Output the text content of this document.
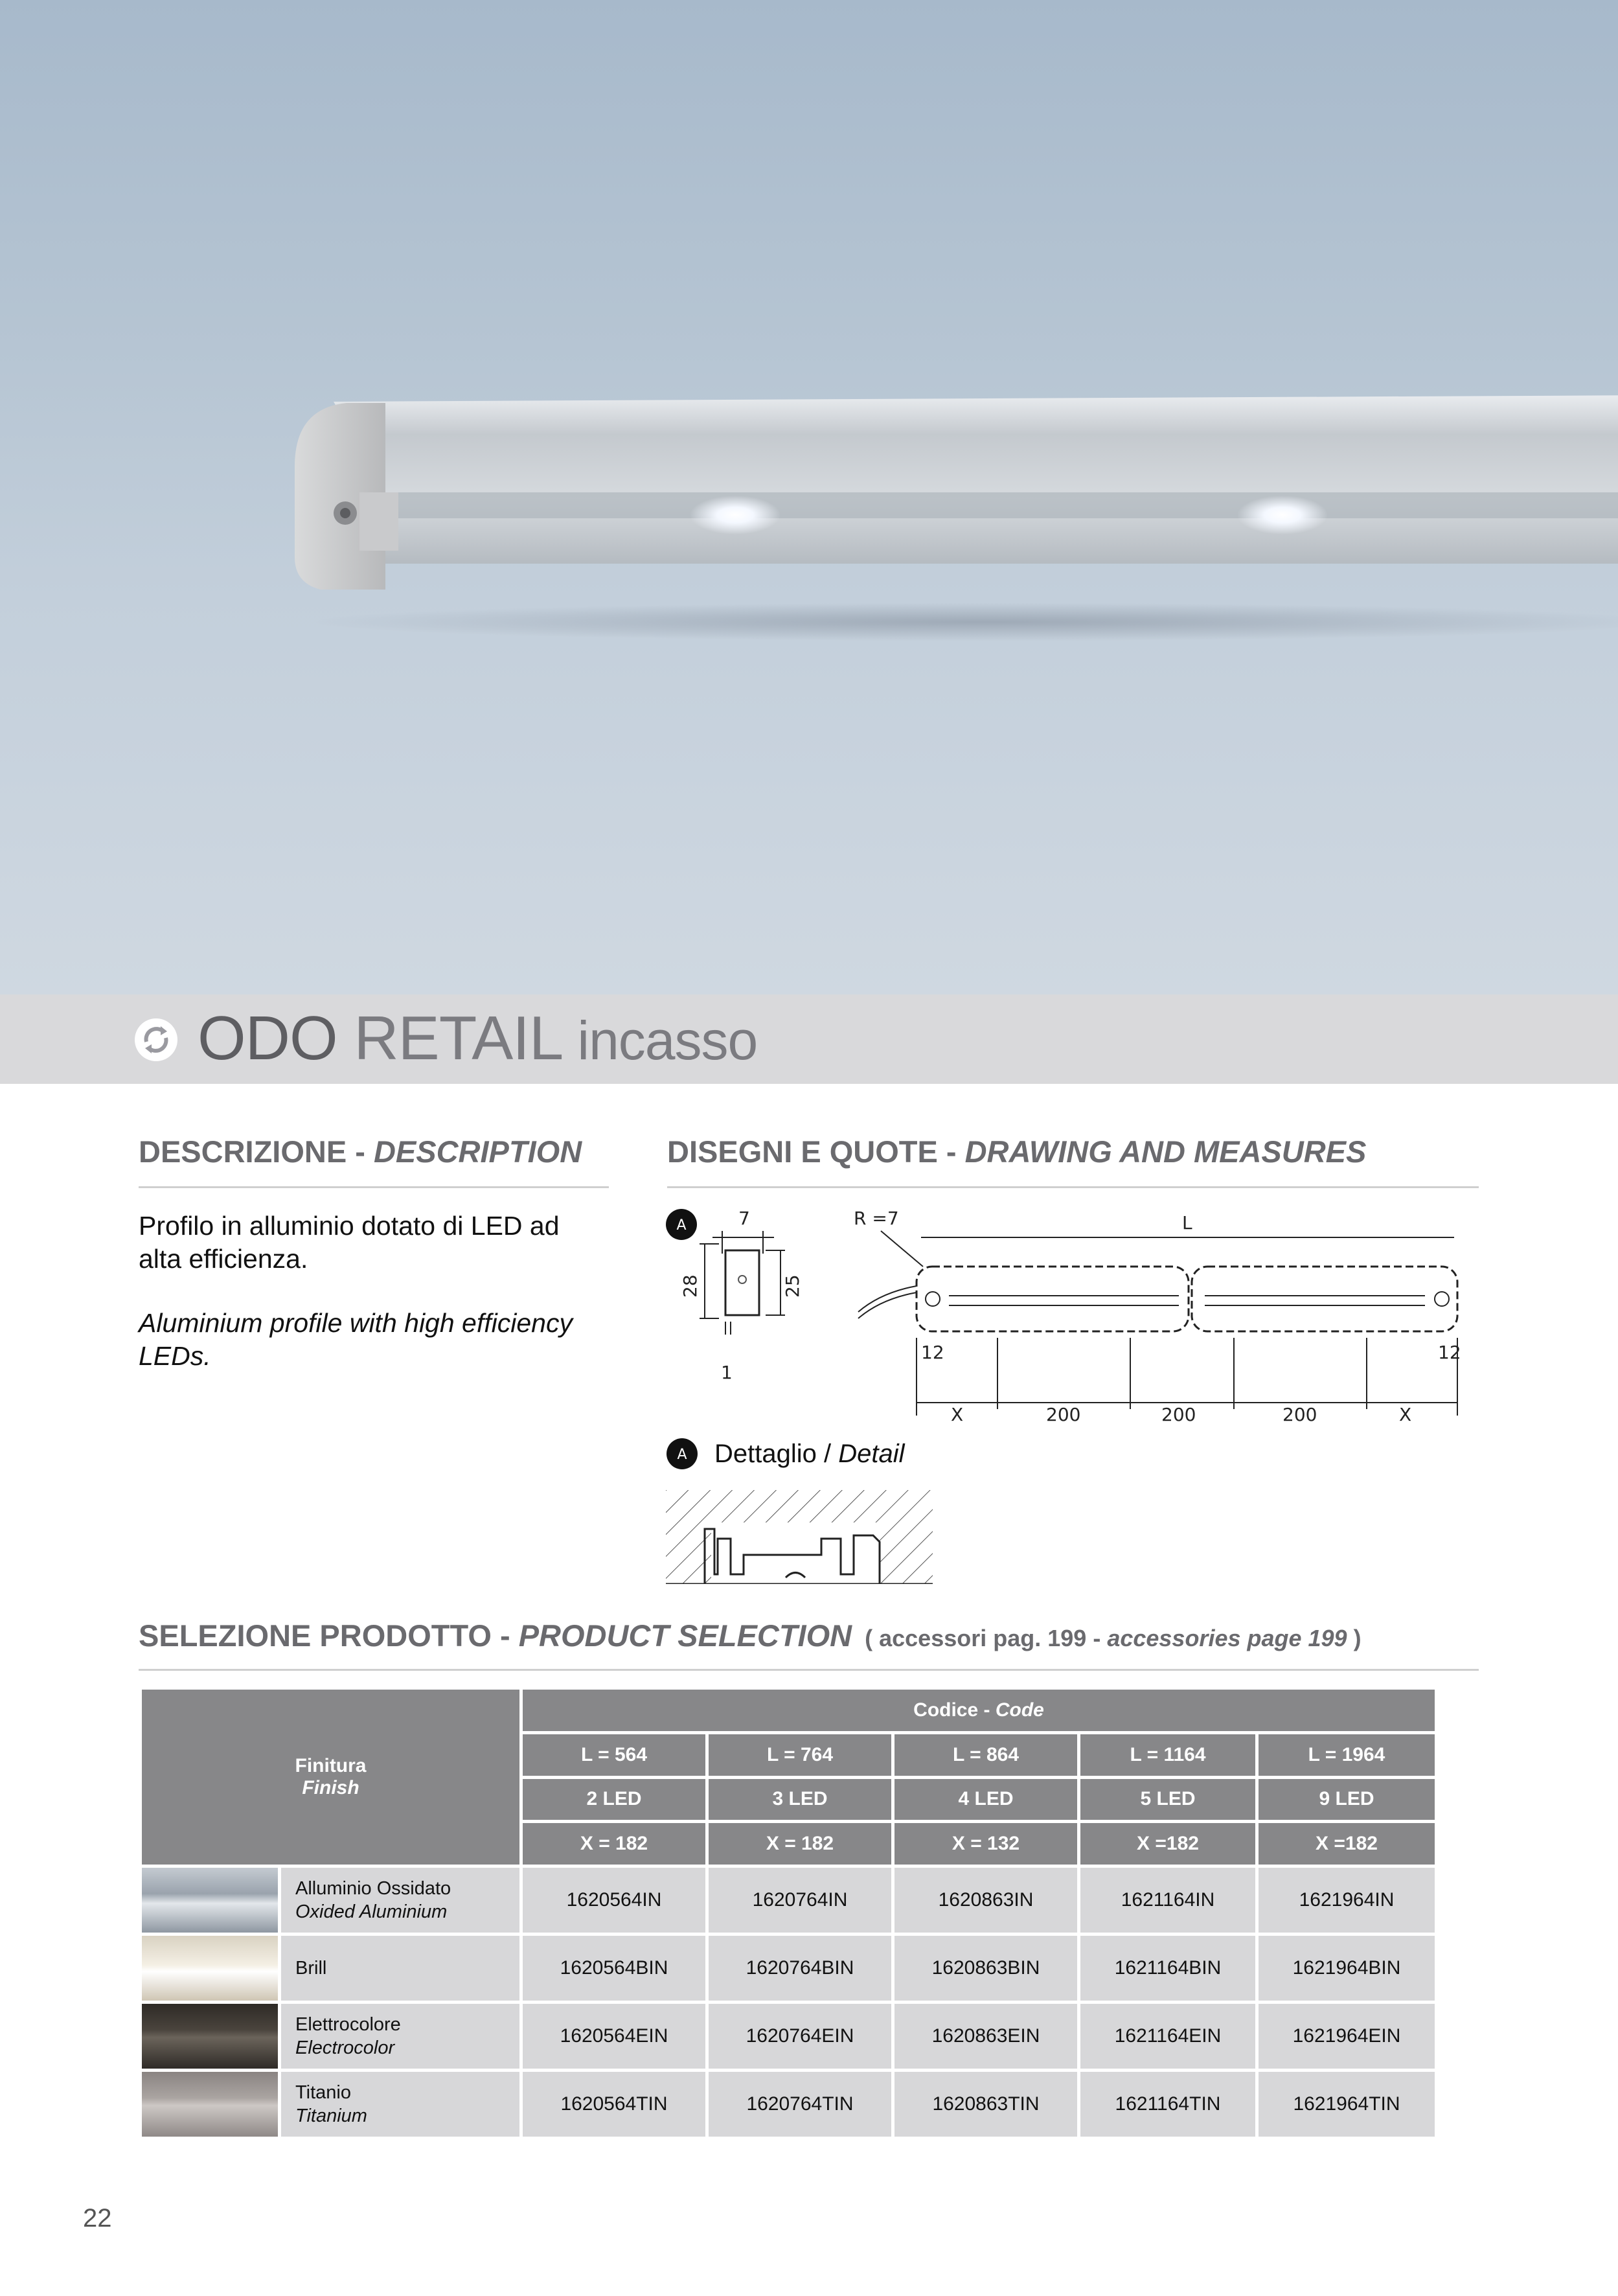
ODO RETAIL incasso
DESCRIZIONE - DESCRIPTION
Profilo in alluminio dotato di LED ad alta efficienza.
Aluminium profile with high efficiency LEDs.
DISEGNI E QUOTE - DRAWING AND MEASURES
A	7
28	25
1
R =7	L
12	12
X	200	200	200	X
A Dettaglio / Detail
SELEZIONE PRODOTTO - PRODUCT SELECTION ( accessori pag. 199 - accessories page 199 )
Finitura
Finish		Codice - Code				
		L = 564	L = 764	L = 864	L = 1164	L = 1964
		2 LED	3 LED	4 LED	5 LED	9 LED
		X = 182	X = 182	X = 132	X =182	X =182

	Alluminio Ossidato
Oxided Aluminium	1620564IN	1620764IN	1620863IN	1621164IN	1621964IN

	Brill	1620564BIN	1620764BIN	1620863BIN	1621164BIN	1621964BIN

	Elettrocolore
Electrocolor	1620564EIN	1620764EIN	1620863EIN	1621164EIN	1621964EIN

	Titanio
Titanium	1620564TIN	1620764TIN	1620863TIN	1621164TIN	1621964TIN
22
